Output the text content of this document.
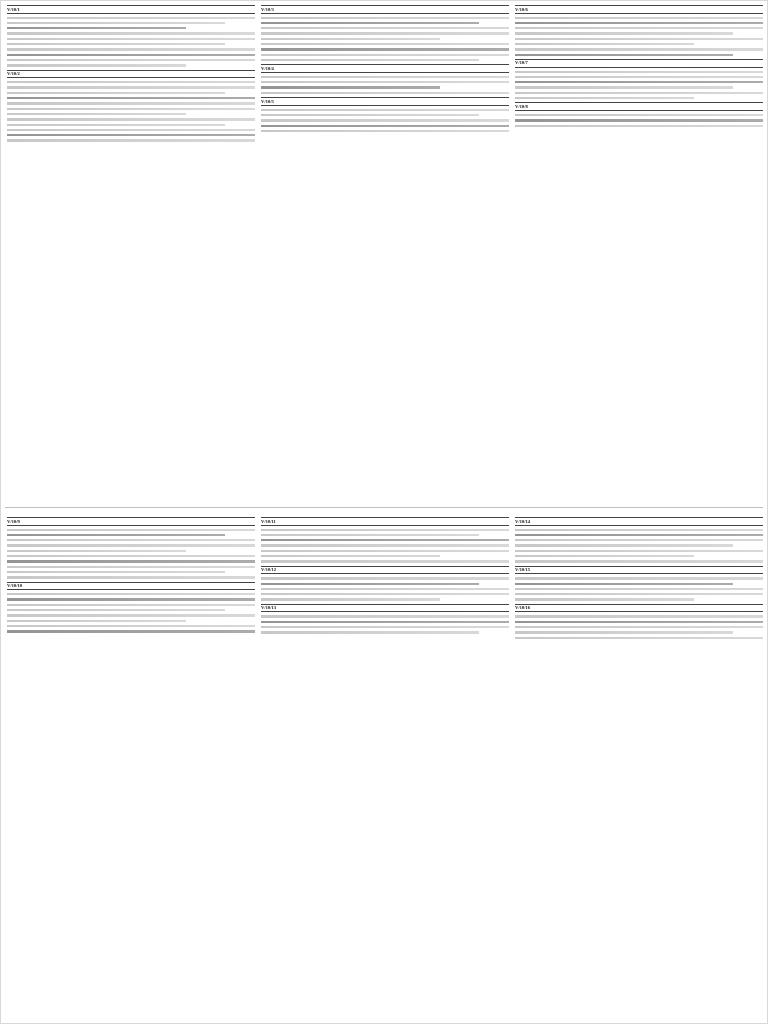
V/10/1
V/10/2
V/10/3
V/10/4
V/10/5
V/10/6
V/10/7
V/10/8
V/10/9
V/10/10
V/10/11
V/10/12
V/10/13
V/10/14
V/10/15
V/10/16
